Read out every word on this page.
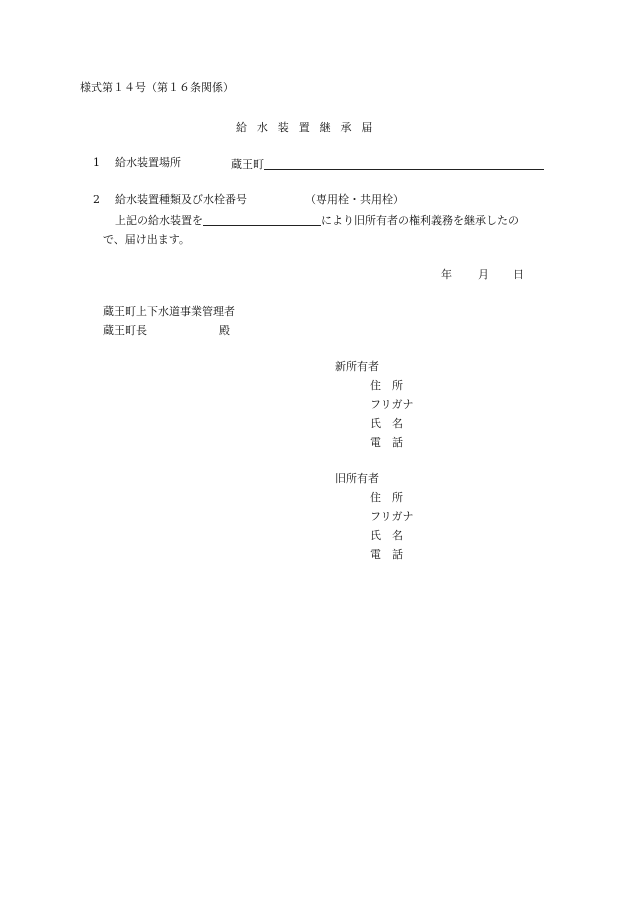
様式第１４号（第１６条関係）
給水装置継承届
1 給水装置場所	蔵王町
2 給水装置種類及び水栓番号	（専用栓・共用栓）
上記の給水装置を	により旧所有者の権利義務を継承したの
で、届け出ます。
年 月 日
蔵王町上下水道事業管理者
蔵王町長	殿
新所有者
住　所
フリガナ
氏　名
電　話
旧所有者
住　所
フリガナ
氏　名
電　話
